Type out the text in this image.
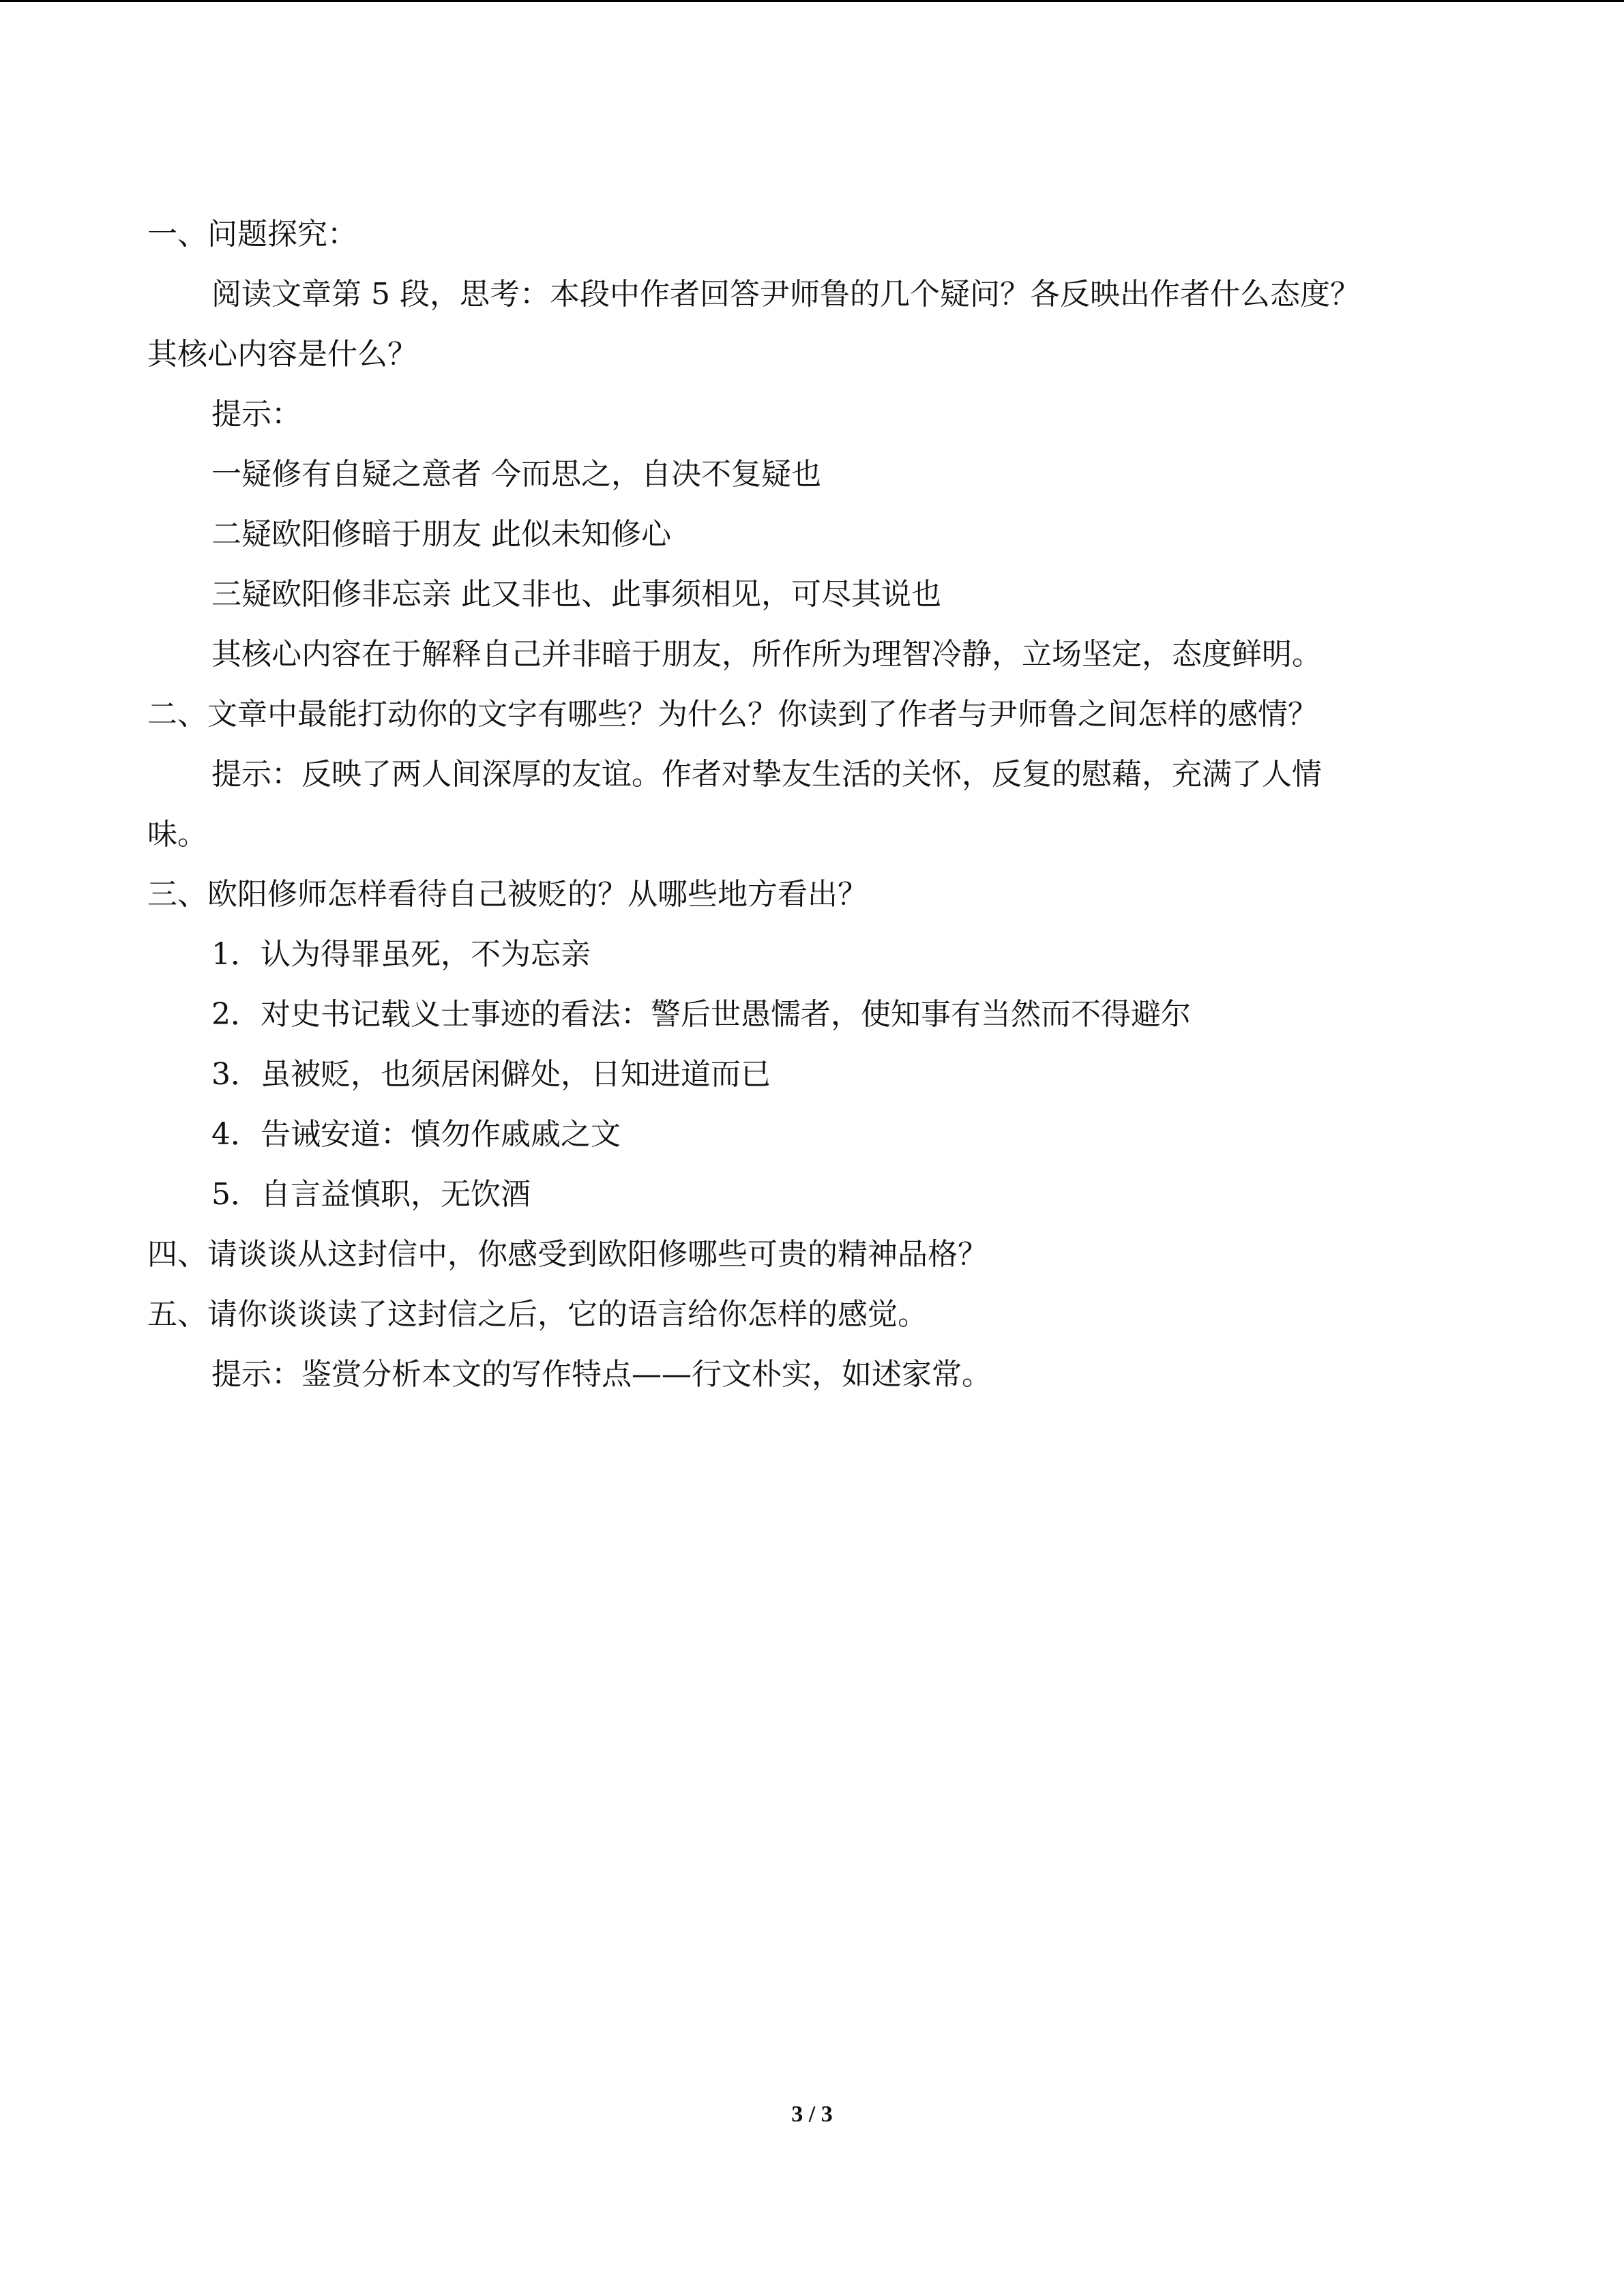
一、问题探究：
阅读文章第 5 段，思考：本段中作者回答尹师鲁的几个疑问？各反映出作者什么态度？
其核心内容是什么？
提示：
一疑修有自疑之意者 今而思之，自决不复疑也
二疑欧阳修暗于朋友 此似未知修心
三疑欧阳修非忘亲 此又非也、此事须相见，可尽其说也
其核心内容在于解释自己并非暗于朋友，所作所为理智冷静，立场坚定，态度鲜明。
二、文章中最能打动你的文字有哪些？为什么？你读到了作者与尹师鲁之间怎样的感情？
提示：反映了两人间深厚的友谊。作者对挚友生活的关怀，反复的慰藉，充满了人情
味。
三、欧阳修师怎样看待自己被贬的？从哪些地方看出？
1．认为得罪虽死，不为忘亲
2．对史书记载义士事迹的看法：警后世愚懦者，使知事有当然而不得避尔
3．虽被贬，也须居闲僻处，日知进道而已
4．告诫安道：慎勿作戚戚之文
5．自言益慎职，无饮酒
四、请谈谈从这封信中，你感受到欧阳修哪些可贵的精神品格？
五、请你谈谈读了这封信之后，它的语言给你怎样的感觉。
提示：鉴赏分析本文的写作特点——行文朴实，如述家常。
3 / 3
